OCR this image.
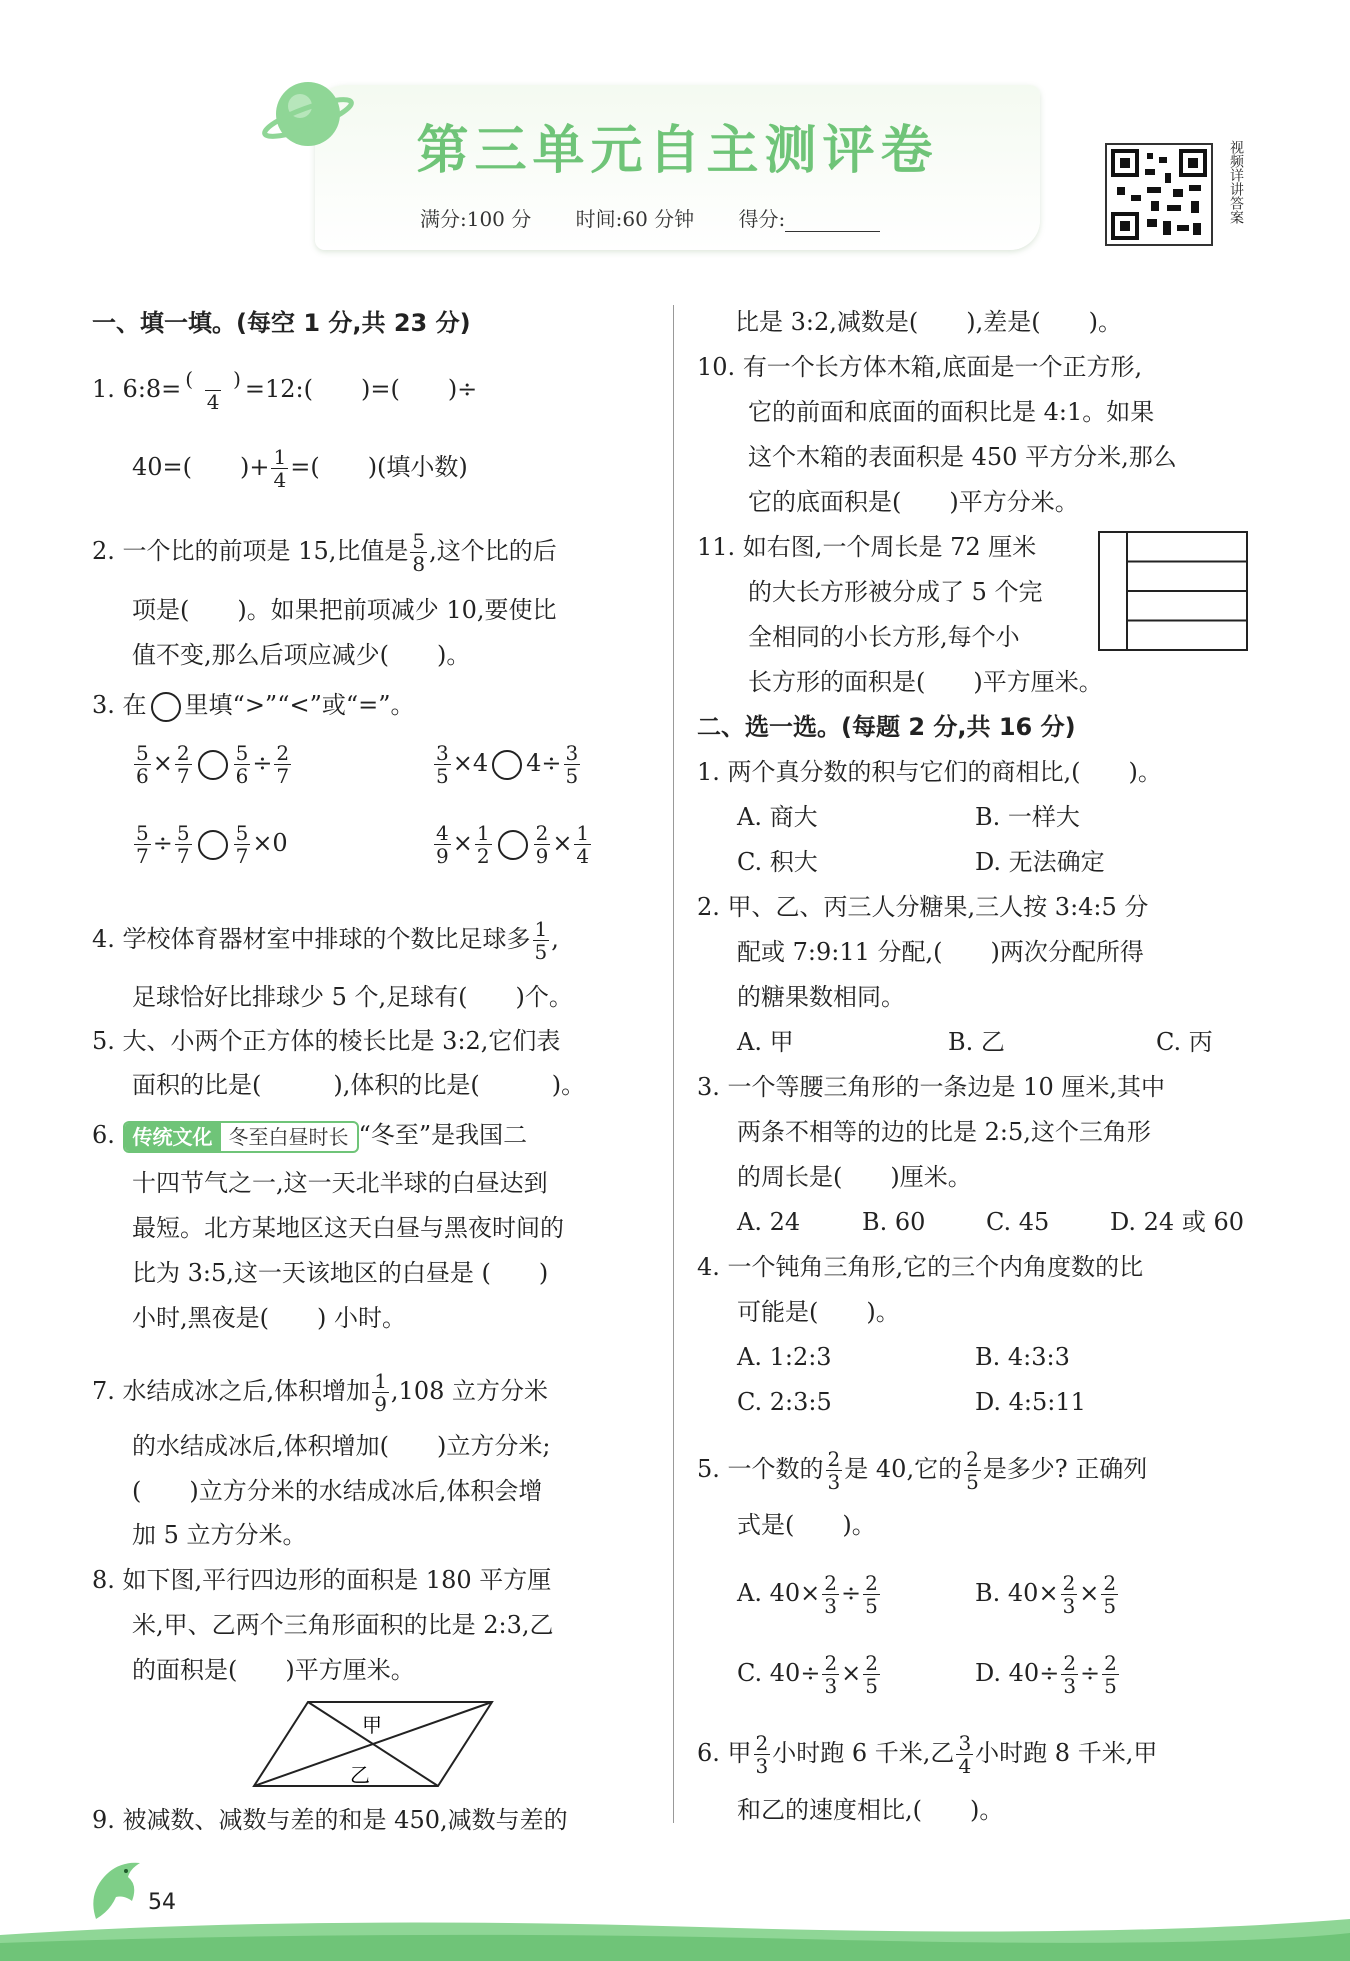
第三单元自主测评卷
满分:100 分 时间:60 分钟 得分:	视频详讲答案
一、填一填。(每空 1 分,共 23 分)
1. 6:8= $\frac{( )}{4}$ =12:(　　)=(　　)÷
40=(　　)+ $\frac{1}{4}$ =(　　)(填小数)
2. 一个比的前项是 15,比值是 $\frac{5}{8}$ ,这个比的后
项是(　　)。如果把前项减少 10,要使比
值不变,那么后项应减少(　　)。
3. 在 里填“>”“<”或“=”。
$\frac{5}{6} \times \frac{2}{7} \frac{5}{6} \div \frac{2}{7}$	$\frac{3}{5} \times 4$ $4\div \frac{3}{5}$
$\frac{5}{7} \div \frac{5}{7} \frac{5}{7} \times 0$	$\frac{4}{9} \times \frac{1}{2} \frac{2}{9} \times \frac{1}{4}$
4. 学校体育器材室中排球的个数比足球多 $\frac{1}{5}$ ,
足球恰好比排球少 5 个,足球有(　　)个。
5. 大、小两个正方体的棱长比是 3:2,它们表
面积的比是(　　　),体积的比是(　　　)。
6. 传统文化 冬至白昼时长 “冬至”是我国二
十四节气之一,这一天北半球的白昼达到
最短。北方某地区这天白昼与黑夜时间的
比为 3:5,这一天该地区的白昼是 (　　)
小时,黑夜是(　　) 小时。
7. 水结成冰之后,体积增加 $\frac{1}{9} ,108$ 立方分米
的水结成冰后,体积增加(　　)立方分米;
(　　)立方分米的水结成冰后,体积会增
加 5 立方分米。
8. 如下图,平行四边形的面积是 180 平方厘
米,甲、乙两个三角形面积的比是 2:3,乙
的面积是(　　)平方厘米。
甲
乙
9. 被减数、减数与差的和是 450,减数与差的
比是 3:2,减数是(　　),差是(　　)。
10. 有一个长方体木箱,底面是一个正方形,
它的前面和底面的面积比是 4:1。如果
这个木箱的表面积是 450 平方分米,那么
它的底面积是(　　)平方分米。
11. 如右图,一个周长是 72 厘米
的大长方形被分成了 5 个完
全相同的小长方形,每个小
长方形的面积是(　　)平方厘米。
二、选一选。(每题 2 分,共 16 分)
1. 两个真分数的积与它们的商相比,(　　)。
A. 商大	B. 一样大
C. 积大	D. 无法确定
2. 甲、乙、丙三人分糖果,三人按 3:4:5 分
配或 7:9:11 分配,(　　)两次分配所得
的糖果数相同。
A. 甲	B. 乙	C. 丙
3. 一个等腰三角形的一条边是 10 厘米,其中
两条不相等的边的比是 2:5,这个三角形
的周长是(　　)厘米。
A. 24	B. 60	C. 45	D. 24 或 60
4. 一个钝角三角形,它的三个内角度数的比
可能是(　　)。
A. 1:2:3	B. 4:3:3
C. 2:3:5	D. 4:5:11
5. 一个数的 $\frac{2}{3}$ 是 40,它的 $\frac{2}{5}$ 是多少? 正确列
式是(　　)。
A. $40\times \frac{2}{3} \div \frac{2}{5}$	B. $40\times \frac{2}{3} \times \frac{2}{5}$
C. $40\div \frac{2}{3} \times \frac{2}{5}$	D. $40\div \frac{2}{3} \div \frac{2}{5}$
6. 甲 $\frac{2}{3}$ 小时跑 6 千米,乙 $\frac{3}{4}$ 小时跑 8 千米,甲
和乙的速度相比,(　　)。
54
